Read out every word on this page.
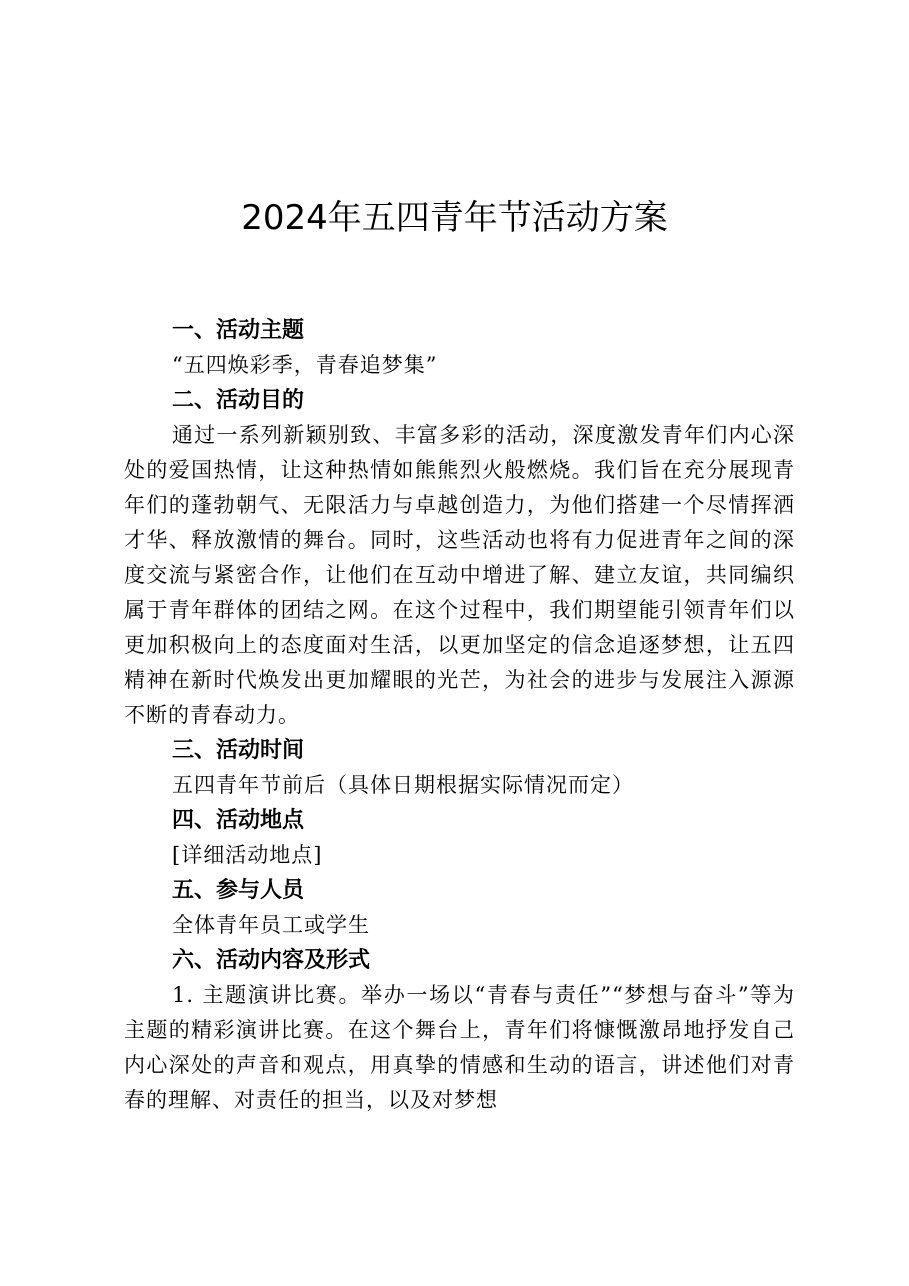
2024年五四青年节活动方案
一、活动主题
“五四焕彩季，青春追梦集”
二、活动目的

通过一系列新颖别致、丰富多彩的活动，深度激发青年们内心深处的爱国热情，让这种热情如熊熊烈火般燃烧。我们旨在充分展现青年们的蓬勃朝气、无限活力与卓越创造力，为他们搭建一个尽情挥洒才华、释放激情的舞台。同时，这些活动也将有力促进青年之间的深度交流与紧密合作，让他们在互动中增进了解、建立友谊，共同编织属于青年群体的团结之网。在这个过程中，我们期望能引领青年们以更加积极向上的态度面对生活，以更加坚定的信念追逐梦想，让五四精神在新时代焕发出更加耀眼的光芒，为社会的进步与发展注入源源不断的青春动力。

三、活动时间
五四青年节前后（具体日期根据实际情况而定）
四、活动地点
[详细活动地点]
五、参与人员
全体青年员工或学生
六、活动内容及形式

1. 主题演讲比赛。举办一场以“青春与责任”“梦想与奋斗”等为主题的精彩演讲比赛。在这个舞台上，青年们将慷慨激昂地抒发自己内心深处的声音和观点，用真挚的情感和生动的语言，讲述他们对青春的理解、对责任的担当，以及对梦想
